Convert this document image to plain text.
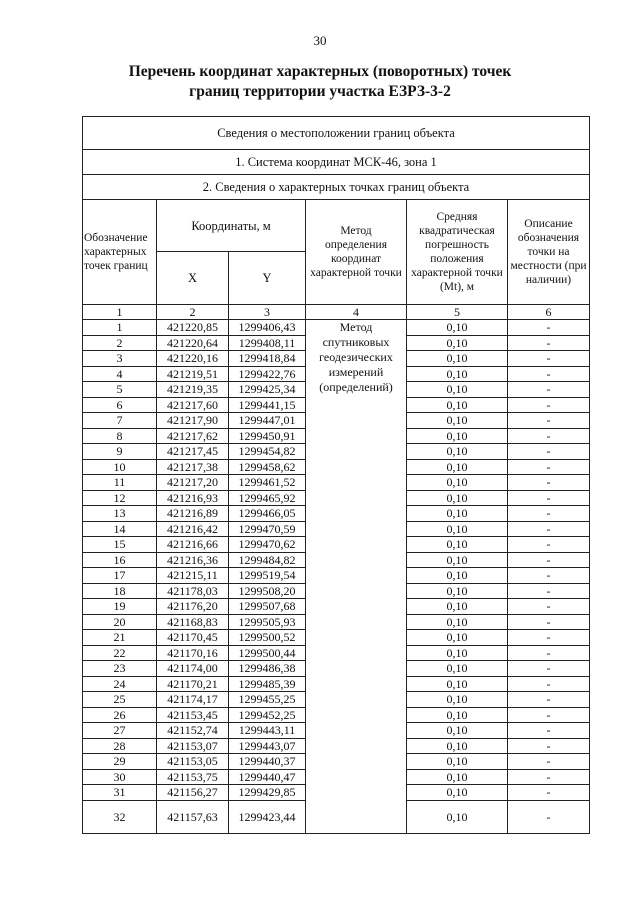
30
Перечень координат характерных (поворотных) точек
границ территории участка ЕЗРЗ-3-2
Сведения о местоположении границ объекта					
1. Система координат МСК-46, зона 1					
2. Сведения о характерных точках границ объекта					
Обозначение характерных точек границ	Координаты, м		Метод определения координат характерной точки	Средняя квадратическая погрешность положения характерной точки (Mt), м	Описание обозначения точки на местности (при наличии)
	X	Y			
1	2	3	4	5	6
1	421220,85	1299406,43	Метод спутниковых геодезических измерений (определений)	0,10	-
2	421220,64	1299408,11		0,10	-
3	421220,16	1299418,84		0,10	-
4	421219,51	1299422,76		0,10	-
5	421219,35	1299425,34		0,10	-
6	421217,60	1299441,15		0,10	-
7	421217,90	1299447,01		0,10	-
8	421217,62	1299450,91		0,10	-
9	421217,45	1299454,82		0,10	-
10	421217,38	1299458,62		0,10	-
11	421217,20	1299461,52		0,10	-
12	421216,93	1299465,92		0,10	-
13	421216,89	1299466,05		0,10	-
14	421216,42	1299470,59		0,10	-
15	421216,66	1299470,62		0,10	-
16	421216,36	1299484,82		0,10	-
17	421215,11	1299519,54		0,10	-
18	421178,03	1299508,20		0,10	-
19	421176,20	1299507,68		0,10	-
20	421168,83	1299505,93		0,10	-
21	421170,45	1299500,52		0,10	-
22	421170,16	1299500,44		0,10	-
23	421174,00	1299486,38		0,10	-
24	421170,21	1299485,39		0,10	-
25	421174,17	1299455,25		0,10	-
26	421153,45	1299452,25		0,10	-
27	421152,74	1299443,11		0,10	-
28	421153,07	1299443,07		0,10	-
29	421153,05	1299440,37		0,10	-
30	421153,75	1299440,47		0,10	-
31	421156,27	1299429,85		0,10	-
32	421157,63	1299423,44		0,10	-
